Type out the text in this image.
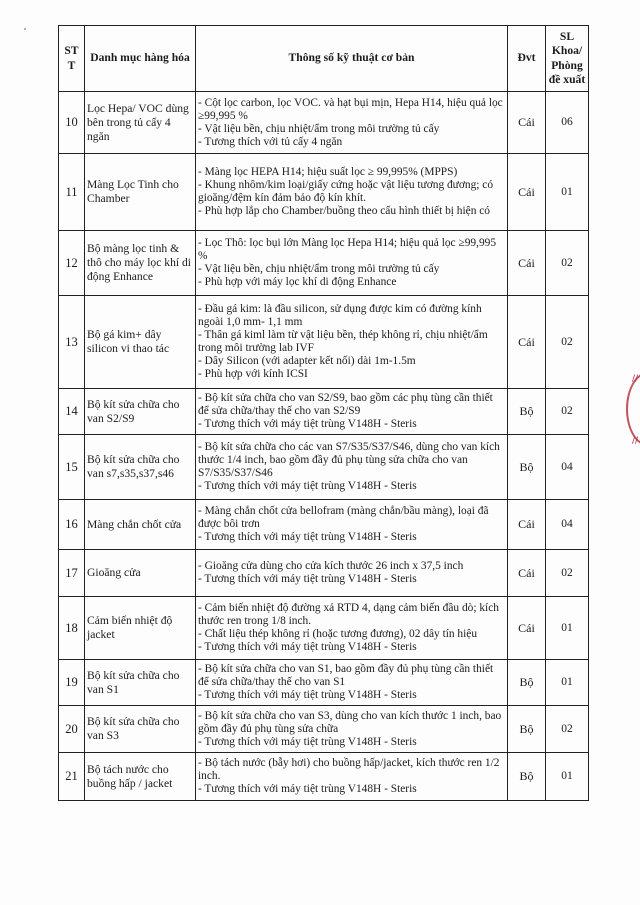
ST T	Danh mục hàng hóa	Thông số kỹ thuật cơ bản	Đvt	SL Khoa/ Phòng đề xuất
10	Lọc Hepa/ VOC dùng bên trong tủ cấy 4 ngăn	- Cột lọc carbon, lọc VOC. và hạt bụi mịn, Hepa H14, hiệu quả lọc ≥99,995 %
- Vật liệu bền, chịu nhiệt/ẩm trong môi trường tủ cấy
- Tương thích với tủ cấy 4 ngăn	Cái	06
11	Màng Lọc Tinh cho Chamber	- Màng lọc HEPA H14; hiệu suất lọc ≥ 99,995% (MPPS)
- Khung nhôm/kim loại/giấy cứng hoặc vật liệu tương đương; có gioăng/đệm kín đảm bảo độ kín khít.
- Phù hợp lắp cho Chamber/buồng theo cấu hình thiết bị hiện có	Cái	01
12	Bộ màng lọc tinh & thô cho máy lọc khí di động Enhance	- Lọc Thô: lọc bụi lớn Màng lọc Hepa H14; hiệu quả lọc ≥99,995 %
- Vật liệu bền, chịu nhiệt/ẩm trong môi trường tủ cấy
- Phù hợp với máy lọc khí di động Enhance	Cái	02
13	Bộ gá kim+ dây silicon vi thao tác	- Đầu gá kim: là đầu silicon, sử dụng được kim có đường kính ngoài 1,0 mm- 1,1 mm
- Thân gá kiml làm từ vật liệu bền, thép không rỉ, chịu nhiệt/ẩm trong môi trường lab IVF
- Dây Silicon (với adapter kết nối) dài 1m-1.5m
- Phù hợp với kính ICSI	Cái	02
14	Bộ kít sửa chữa cho van S2/S9	- Bộ kít sửa chữa cho van S2/S9, bao gồm các phụ tùng cần thiết để sửa chữa/thay thế cho van S2/S9
- Tương thích với máy tiệt trùng V148H - Steris	Bộ	02
15	Bộ kít sửa chữa cho van s7,s35,s37,s46	- Bộ kít sửa chữa cho các van S7/S35/S37/S46, dùng cho van kích thước 1/4 inch, bao gồm đầy đủ phụ tùng sửa chữa cho van S7/S35/S37/S46
- Tương thích với máy tiệt trùng V148H - Steris	Bộ	04
16	Màng chắn chốt cửa	- Màng chắn chốt cửa bellofram (màng chắn/bầu màng), loại đã được bôi trơn
- Tương thích với máy tiệt trùng V148H - Steris	Cái	04
17	Gioăng cửa	- Gioăng cửa dùng cho cửa kích thước 26 inch x 37,5 inch
- Tương thích với máy tiệt trùng V148H - Steris	Cái	02
18	Cảm biến nhiệt độ jacket	- Cảm biến nhiệt độ đường xả RTD 4, dạng cảm biến đầu dò; kích thước ren trong 1/8 inch.
- Chất liệu thép không rỉ (hoặc tương đương), 02 dây tín hiệu
- Tương thích với máy tiệt trùng V148H - Steris	Cái	01
19	Bộ kít sửa chữa cho van S1	- Bộ kít sửa chữa cho van S1, bao gồm đầy đủ phụ tùng cần thiết để sửa chữa/thay thế cho van S1
- Tương thích với máy tiệt trùng V148H - Steris	Bộ	01
20	Bộ kít sửa chữa cho van S3	- Bộ kít sửa chữa cho van S3, dùng cho van kích thước 1 inch, bao gồm đầy đủ phụ tùng sửa chữa
- Tương thích với máy tiệt trùng V148H - Steris	Bộ	02
21	Bộ tách nước cho buồng hấp / jacket	- Bộ tách nước (bẫy hơi) cho buồng hấp/jacket, kích thước ren 1/2 inch.
- Tương thích với máy tiệt trùng V148H - Steris	Bộ	01
//
//
